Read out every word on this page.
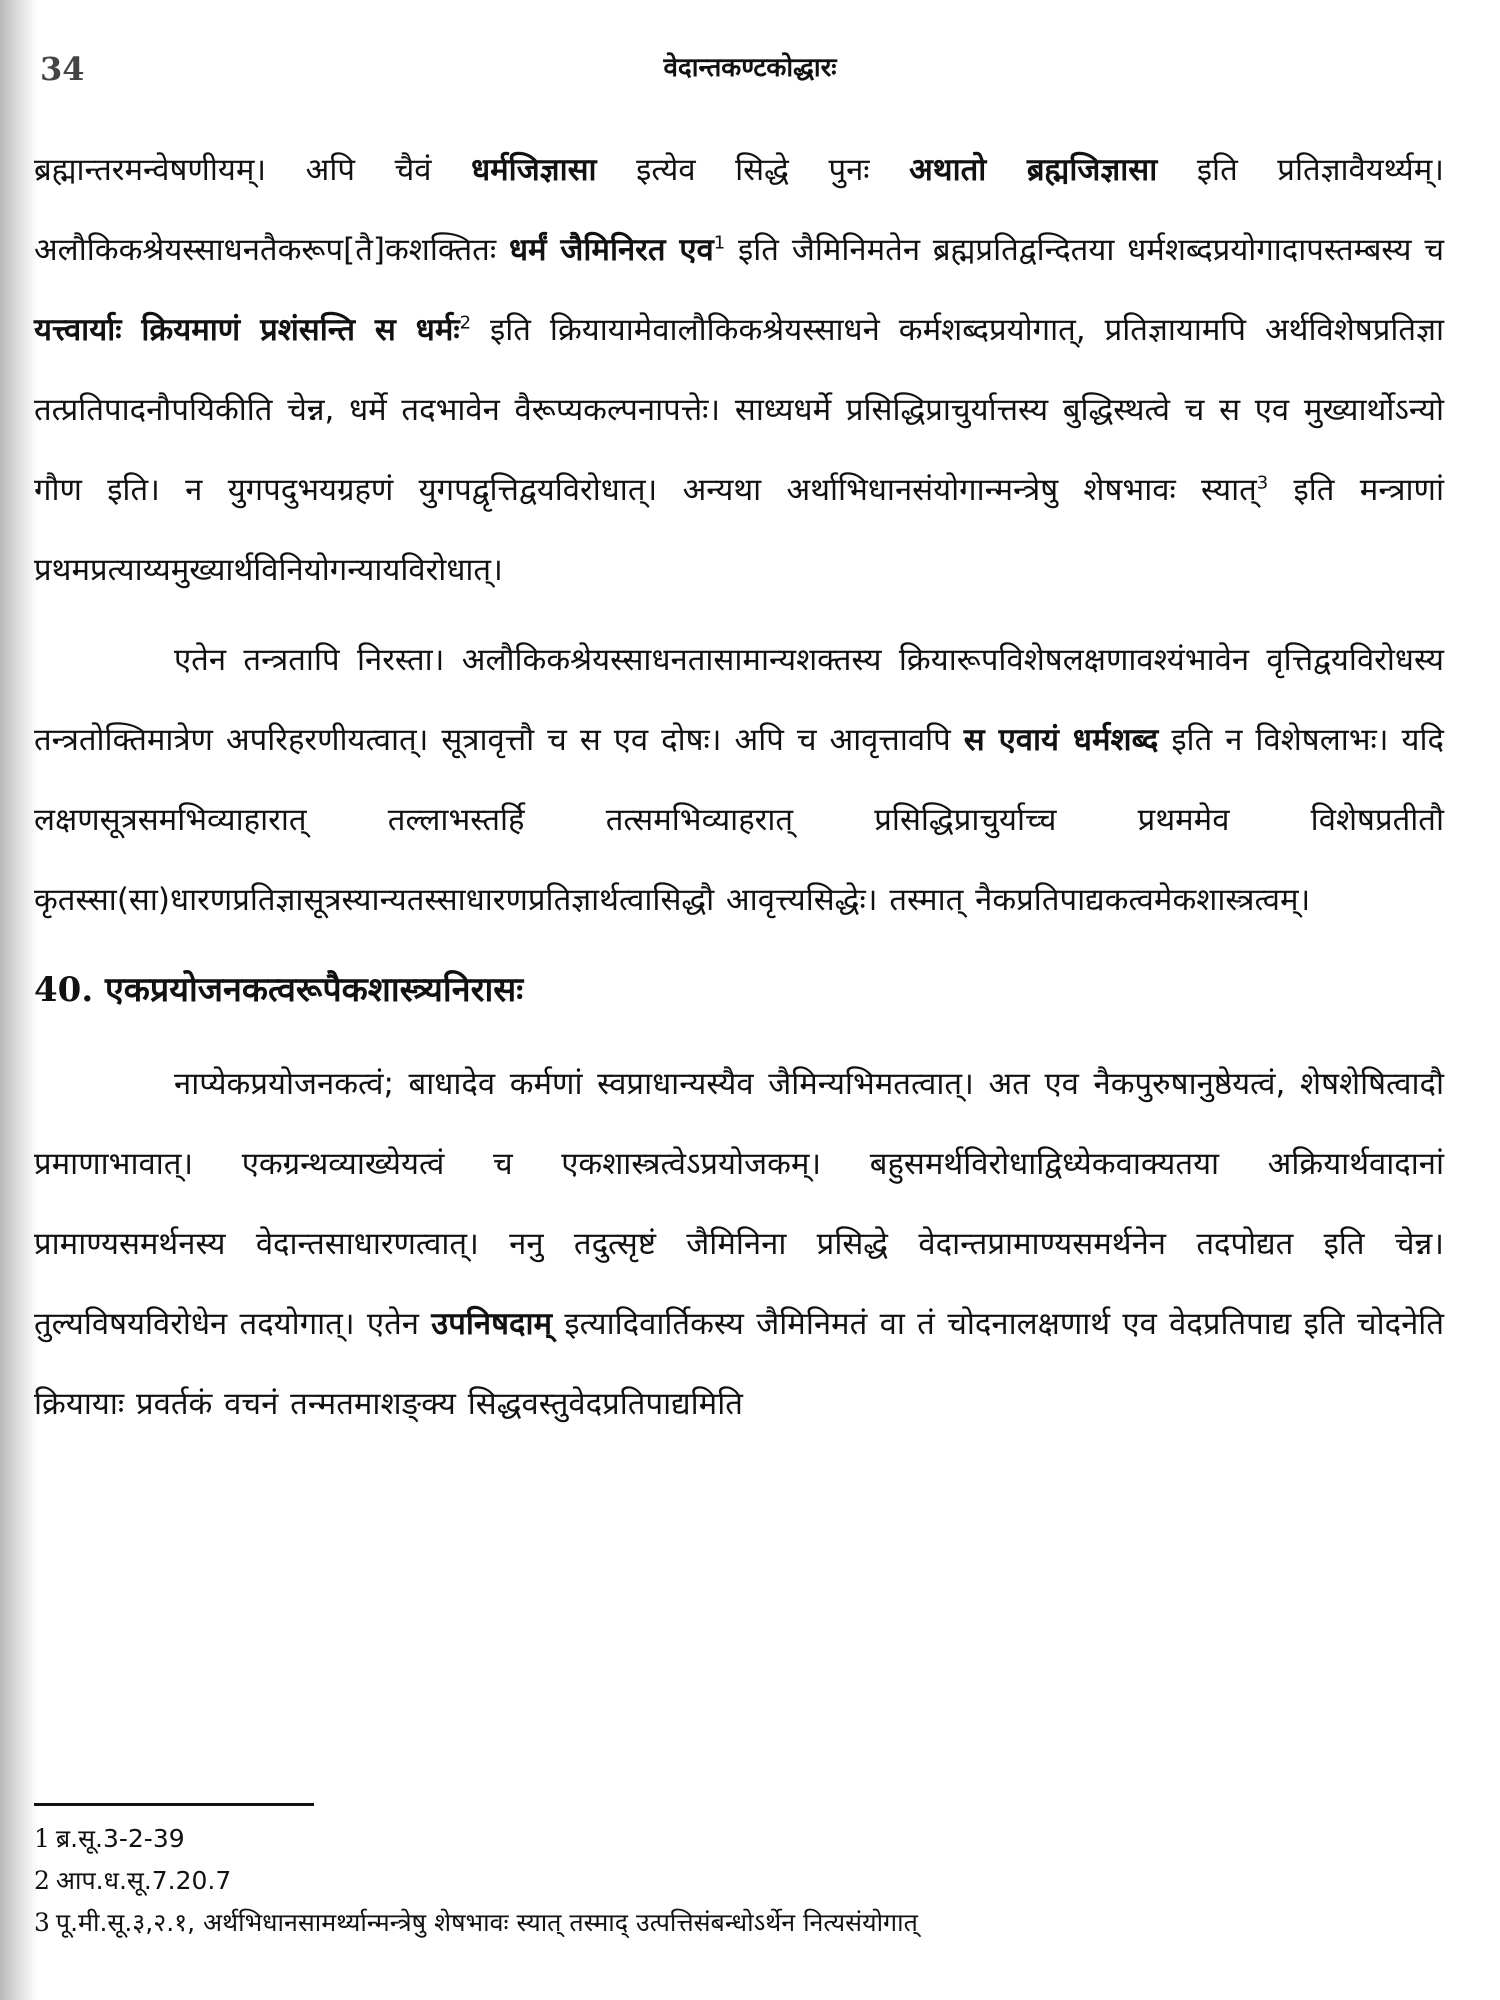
34	वेदान्तकण्टकोद्धारः

ब्रह्मान्तरमन्वेषणीयम्। अपि चैवं धर्मजिज्ञासा इत्येव सिद्धे पुनः अथातो ब्रह्मजिज्ञासा इति प्रतिज्ञावैयर्थ्यम्। अलौकिकश्रेयस्साधनतैकरूप[तै]कशक्तितः धर्मं जैमिनिरत एव$^1$ इति जैमिनिमतेन ब्रह्मप्रतिद्वन्दितया धर्मशब्दप्रयोगादापस्तम्बस्य च यत्त्वार्याः क्रियमाणं प्रशंसन्ति स धर्मः$^2$ इति क्रियायामेवालौकिकश्रेयस्साधने कर्मशब्दप्रयोगात्, प्रतिज्ञायामपि अर्थविशेषप्रतिज्ञा तत्प्रतिपादनौपयिकीति चेन्न, धर्मे तदभावेन वैरूप्यकल्पनापत्तेः। साध्यधर्मे प्रसिद्धिप्राचुर्यात्तस्य बुद्धिस्थत्वे च स एव मुख्यार्थोऽन्यो गौण इति। न युगपदुभयग्रहणं युगपद्वृत्तिद्वयविरोधात्। अन्यथा अर्थाभिधानसंयोगान्मन्त्रेषु शेषभावः स्यात्$^3$ इति मन्त्राणां प्रथमप्रत्याय्यमुख्यार्थविनियोगन्यायविरोधात्।

एतेन तन्त्रतापि निरस्ता। अलौकिकश्रेयस्साधनतासामान्यशक्तस्य क्रियारूपविशेषलक्षणावश्यंभावेन वृत्तिद्वयविरोधस्य तन्त्रतोक्तिमात्रेण अपरिहरणीयत्वात्। सूत्रावृत्तौ च स एव दोषः। अपि च आवृत्तावपि स एवायं धर्मशब्द इति न विशेषलाभः। यदि लक्षणसूत्रसमभिव्याहारात् तल्लाभस्तर्हि तत्समभिव्याहरात् प्रसिद्धिप्राचुर्याच्च प्रथममेव विशेषप्रतीतौ कृतस्सा(सा)धारणप्रतिज्ञासूत्रस्यान्यतस्साधारणप्रतिज्ञार्थत्वासिद्धौ आवृत्त्यसिद्धेः। तस्मात् नैकप्रतिपाद्यकत्वमेकशास्त्रत्वम्।

40. एकप्रयोजनकत्वरूपैकशास्त्र्यनिरासः

नाप्येकप्रयोजनकत्वं; बाधादेव कर्मणां स्वप्राधान्यस्यैव जैमिन्यभिमतत्वात्। अत एव नैकपुरुषानुष्ठेयत्वं, शेषशेषित्वादौ प्रमाणाभावात्। एकग्रन्थव्याख्येयत्वं च एकशास्त्रत्वेऽप्रयोजकम्। बहुसमर्थविरोधाद्विध्येकवाक्यतया अक्रियार्थवादानां प्रामाण्यसमर्थनस्य वेदान्तसाधारणत्वात्। ननु तदुत्सृष्टं जैमिनिना प्रसिद्धे वेदान्तप्रामाण्यसमर्थनेन तदपोद्यत इति चेन्न। तुल्यविषयविरोधेन तदयोगात्। एतेन उपनिषदाम् इत्यादिवार्तिकस्य जैमिनिमतं वा तं चोदनालक्षणार्थ एव वेदप्रतिपाद्य इति चोदनेति क्रियायाः प्रवर्तकं वचनं तन्मतमाशङ्क्य सिद्धवस्तुवेदप्रतिपाद्यमिति

1 ब्र.सू.3-2-39

2 आप.ध.सू.7.20.7

3 पू.मी.सू.३,२.१, अर्थभिधानसामर्थ्यान्मन्त्रेषु शेषभावः स्यात् तस्माद् उत्पत्तिसंबन्धोऽर्थेन नित्यसंयोगात्
